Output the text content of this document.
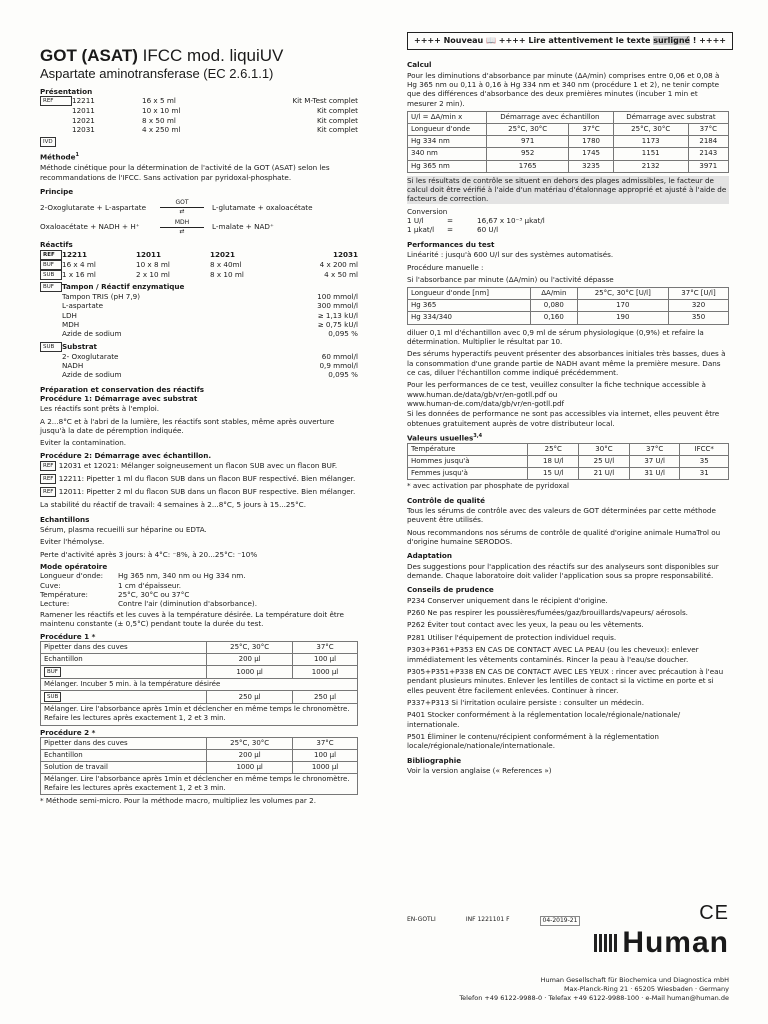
GOT (ASAT) IFCC mod. liquiUV
Aspartate aminotransferase (EC 2.6.1.1)
Présentation
REF	12211	16 x 5 ml	Kit M-Test complet
12011	10 x 10 ml	Kit complet
12021	8 x 50 ml	Kit complet
12031	4 x 250 ml	Kit complet
IVD
Méthode$^1$

Méthode cinétique pour la détermination de l'activité de la GOT (ASAT) selon les recommandations de l'IFCC. Sans activation par pyridoxal-phosphate.

Principe
2-Oxoglutarate + L-aspartate
GOT
⇄	L-glutamate + oxaloacétate
Oxaloacétate + NADH + H⁺
MDH
⇄	L-malate + NAD⁺
Réactifs
REF	12211	12011	12021	12031
BUF	16 x 4 ml	10 x 8 ml	8 x 40ml	4 x 200 ml
SUB	1 x 16 ml	2 x 10 ml	8 x 10 ml	4 x 50 ml
BUF	Tampon / Réactif enzymatique
Tampon TRIS (pH 7,9)	100 mmol/l
L-aspartate	300 mmol/l
LDH	≥ 1,13 kU/l
MDH	≥ 0,75 kU/l
Azide de sodium	0,095 %
SUB	Substrat
2- Oxoglutarate	60 mmol/l
NADH	0,9 mmol/l
Azide de sodium	0,095 %
Préparation et conservation des réactifs
Procédure 1: Démarrage avec substrat

Les réactifs sont prêts à l'emploi.

A 2...8°C et à l'abri de la lumière, les réactifs sont stables, même après ouverture jusqu'à la date de péremption indiquée.

Eviter la contamination.

Procédure 2: Démarrage avec échantillon.

REF 12031 et 12021: Mélanger soigneusement un flacon SUB avec un flacon BUF.

REF 12211: Pipetter 1 ml du flacon SUB dans un flacon BUF respectivé. Bien mélanger.

REF 12011: Pipetter 2 ml du flacon SUB dans un flacon BUF respective. Bien mélanger.

La stabilité du réactif de travail: 4 semaines à 2...8°C, 5 jours à 15...25°C.

Echantillons

Sérum, plasma recueilli sur héparine ou EDTA.

Eviter l'hémolyse.

Perte d'activité après 3 jours: à 4°C: ⁻8%, à 20...25°C: ⁻10%

Mode opératoire
Longueur d'onde:	Hg 365 nm, 340 nm ou Hg 334 nm.
Cuve:	1 cm d'épaisseur.
Température:	25°C, 30°C ou 37°C
Lecture:	Contre l'air (diminution d'absorbance).

Ramener les réactifs et les cuves à la température désirée. La température doit être maintenu constante (± 0,5°C) pendant toute la durée du test.

Procédure 1 *
Pipetter dans des cuves	25°C, 30°C	37°C
Echantillon	200 µl	100 µl
BUF	1000 µl	1000 µl
Mélanger. Incuber 5 min. à la température désirée		
SUB	250 µl	250 µl
Mélanger. Lire l'absorbance après 1min et déclencher en même temps le chronomètre. Refaire les lectures après exactement 1, 2 et 3 min.		
Procédure 2 *
Pipetter dans des cuves	25°C, 30°C	37°C
Echantillon	200 µl	100 µl
Solution de travail	1000 µl	1000 µl
Mélanger. Lire l'absorbance après 1min et déclencher en même temps le chronomètre. Refaire les lectures après exactement 1, 2 et 3 min.		

* Méthode semi-micro. Pour la méthode macro, multipliez les volumes par 2.

++++ Nouveau 📖 ++++ Lire attentivement le texte surligné ! ++++
Calcul

Pour les diminutions d'absorbance par minute (ΔA/min) comprises entre 0,06 et 0,08 à Hg 365 nm ou 0,11 à 0,16 à Hg 334 nm et 340 nm (procédure 1 et 2), ne tenir compte que des différences d'absorbance des deux premières minutes (incuber 1 min et mesurer 2 min).

U/l = ΔA/min x	Démarrage avec échantillon		Démarrage avec substrat	
Longueur d'onde	25°C, 30°C	37°C	25°C, 30°C	37°C
Hg 334 nm	971	1780	1173	2184
340 nm	952	1745	1151	2143
Hg 365 nm	1765	3235	2132	3971

Si les résultats de contrôle se situent en dehors des plages admissibles, le facteur de calcul doit être vérifié à l'aide d'un matériau d'étalonnage approprié et ajusté à l'aide de facteurs de correction.

Conversion
1 U/l	=	16,67 x 10⁻³ µkat/l
1 µkat/l	=	60 U/l
Performances du test

Linéarité : jusqu'à 600 U/l sur des systèmes automatisés.

Procédure manuelle :

Si l'absorbance par minute (ΔA/min) ou l'activité dépasse

Longueur d'onde [nm]	ΔA/min	25°C, 30°C [U/l]	37°C [U/l]
Hg 365	0,080	170	320
Hg 334/340	0,160	190	350

diluer 0,1 ml d'échantillon avec 0,9 ml de sérum physiologique (0,9%) et refaire la détermination. Multiplier le résultat par 10.

Des sérums hyperactifs peuvent présenter des absorbances initiales très basses, dues à la consommation d'une grande partie de NADH avant même la première mesure. Dans ce cas, diluer l'échantillon comme indiqué précédemment.

Pour les performances de ce test, veuillez consulter la fiche technique accessible à
www.human.de/data/gb/vr/en-gotll.pdf ou
www.human-de.com/data/gb/vr/en-gotll.pdf

Si les données de performance ne sont pas accessibles via internet, elles peuvent être obtenues gratuitement auprès de votre distributeur local.

Valeurs usuelles$^{3,4}$
Température	25°C	30°C	37°C	IFCC*
Hommes jusqu'à	18 U/l	25 U/l	37 U/l	35
Femmes jusqu'à	15 U/l	21 U/l	31 U/l	31

* avec activation par phosphate de pyridoxal

Contrôle de qualité

Tous les sérums de contrôle avec des valeurs de GOT déterminées par cette méthode peuvent être utilisés.

Nous recommandons nos sérums de contrôle de qualité d'origine animale HumaTrol ou d'origine humaine SERODOS.

Adaptation

Des suggestions pour l'application des réactifs sur des analyseurs sont disponibles sur demande. Chaque laboratoire doit valider l'application sous sa propre responsabilité.

Conseils de prudence

P234 Conserver uniquement dans le récipient d'origine.

P260 Ne pas respirer les poussières/fumées/gaz/brouillards/vapeurs/ aérosols.

P262 Éviter tout contact avec les yeux, la peau ou les vêtements.

P281 Utiliser l'équipement de protection individuel requis.

P303+P361+P353 EN CAS DE CONTACT AVEC LA PEAU (ou les cheveux): enlever immédiatement les vêtements contaminés. Rincer la peau à l'eau/se doucher.

P305+P351+P338 EN CAS DE CONTACT AVEC LES YEUX : rincer avec précaution à l'eau pendant plusieurs minutes. Enlever les lentilles de contact si la victime en porte et si elles peuvent être facilement enlevées. Continuer à rincer.

P337+P313 Si l'irritation oculaire persiste : consulter un médecin.

P401 Stocker conformément à la réglementation locale/régionale/nationale/ internationale.

P501 Éliminer le contenu/récipient conformément à la réglementation locale/régionale/nationale/internationale.

Bibliographie

Voir la version anglaise (« References »)

EN-GOTLI	INF 1221101 F	04-2019-21	CE
Human
Human Gesellschaft für Biochemica und Diagnostica mbH
Max-Planck-Ring 21 · 65205 Wiesbaden · Germany
Telefon +49 6122-9988-0 · Telefax +49 6122-9988-100 · e-Mail human@human.de
